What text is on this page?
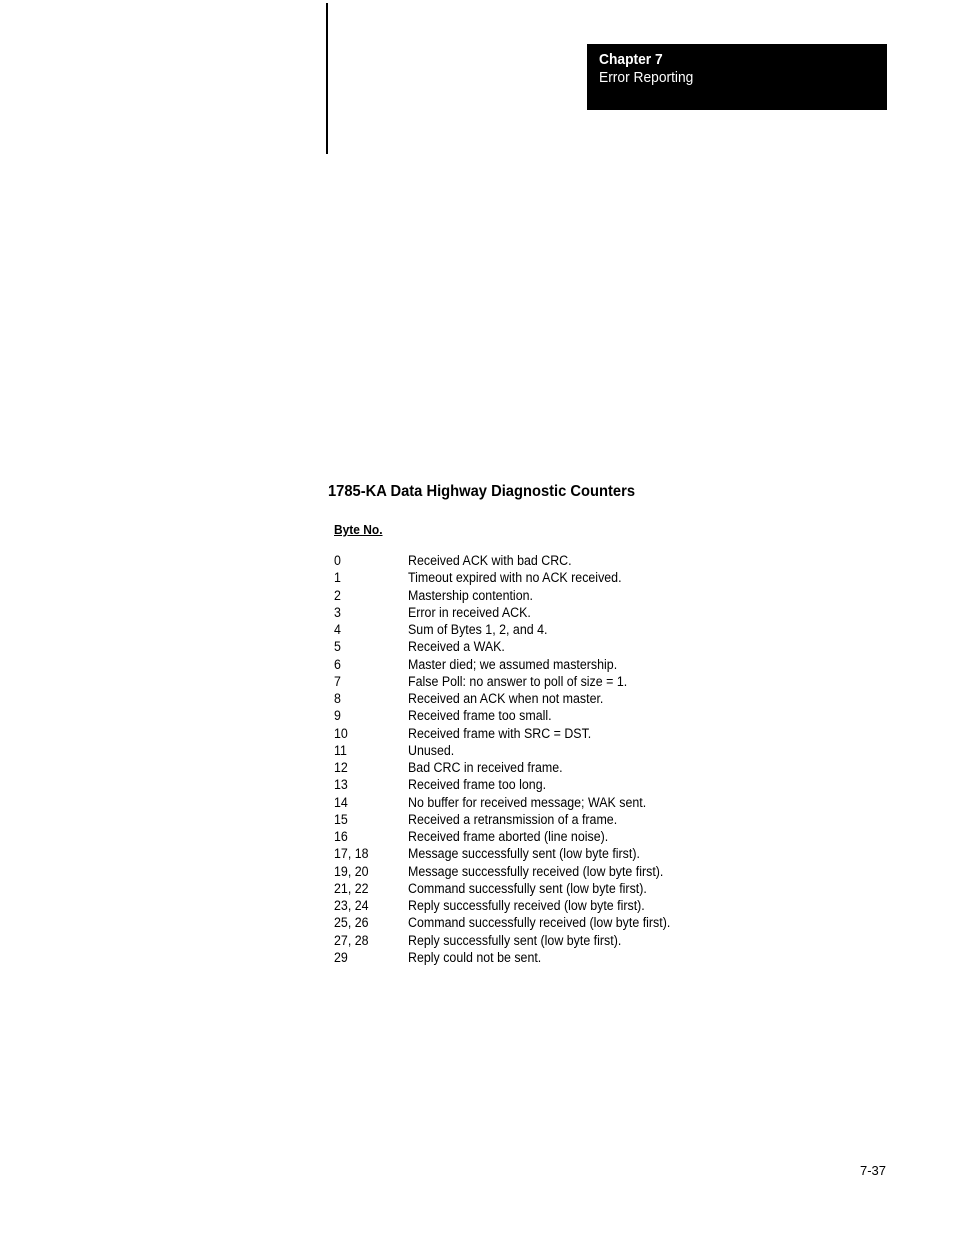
Chapter 7
Error Reporting
1785-KA Data Highway Diagnostic Counters
Byte No.
0	Received ACK with bad CRC.
1	Timeout expired with no ACK received.
2	Mastership contention.
3	Error in received ACK.
4	Sum of Bytes 1, 2, and 4.
5	Received a WAK.
6	Master died; we assumed mastership.
7	False Poll: no answer to poll of size = 1.
8	Received an ACK when not master.
9	Received frame too small.
10	Received frame with SRC = DST.
11	Unused.
12	Bad CRC in received frame.
13	Received frame too long.
14	No buffer for received message; WAK sent.
15	Received a retransmission of a frame.
16	Received frame aborted (line noise).
17, 18	Message successfully sent (low byte first).
19, 20	Message successfully received (low byte first).
21, 22	Command successfully sent (low byte first).
23, 24	Reply successfully received (low byte first).
25, 26	Command successfully received (low byte first).
27, 28	Reply successfully sent (low byte first).
29	Reply could not be sent.
7-37
